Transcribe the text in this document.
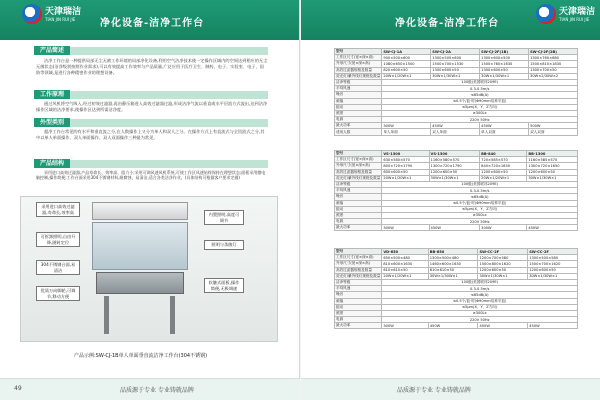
天津瑞洁
TIAN JIN RUI JIE	净化设备-洁净工作台	净化设备-洁净工作台
天津瑞洁
TIAN JIN RUI JIE
产品简述
洁净工作台是一种提供局部无尘无菌工作环境的局部净化设备,利用空气洁净技术使一定操作区域内的空间达到相应的无尘无菌状态(洁净级别按照作业需求),可以有效提高工作效率与产品质量,广泛应用于医疗卫生、制药、电子、实验室、电子、国防等领域,是进行各种精密作业的理想设备。
工作原理
通过风机将空气吸入,经过初效过滤器,再由静压箱进入高效过滤器过滤,形成洁净气流以垂直或水平层流方式流出,达到洁净操作区域的洁净要求,使操作区达到所需洁净度。
外型类别
超净工作台常见的有水平和垂直流之分,在人数操作上又分为单人和双人之分。在操作方式上有直流式与全回流式之分,其中以单人单面操作、双人单面操作、双人双面操作三种最为常见。
产品结构
采用进口高效过滤器,产品寿命长、效率高、阻力小;采用可调风速风机系统,可使工作区风速始终保持在理想状态;面板采用微电脑控制,操作简便;工作台面采用304不锈钢材料,耐腐蚀、易清洁,适合各类洁净作业。(具体结构可根据客户要求定做)
采用进口高效过滤器,寿命长,效率高
可拆卸照明,自由升降,随时定位
304不锈钢台面,易清洁
优质万向脚轮,可调节,移动方便
内置照明,高度可调节
照明与杀菌灯
软触式面板,操作简便,无极调速
产品示例:SW-CJ-1B单人单面垂直流洁净工作台(304不锈钢)
49	品质源于专业 专业铸就品牌	品质源于专业 专业铸就品牌
型号	SW-CJ-1A	SW-CJ-2A	SW-CJ-2F(1B)	SW-CJ-2F(2B)
工作区尺寸(宽×深×高)	900×500×600	1300×500×600	1300×600×500	1300×760×680
外形尺寸(宽×深×高)	1080×650×1500	1500×700×1530	1500×760×1630	1500×810×1830
高效过滤器规格及数量	820×600×50	1300×600×50	1300×600×50	1300×700×50
荧光灯/紫外线灯规格及数量	20W×1/20W×1	30W×1/30W×1	30W×1/30W×1	30W×2/30W×2
洁净等级	100级(美国联邦209E)			
平均风速	0.3-0.5m/s			
噪音	≤65dB(A)			
菌落	≤0.5个/皿·时(Φ90mm培养平皿)			
振动	≤5μm(X、Y、Z方向)			
照度	≥300Lx			
电源	220V 50Hz			
最大功率	300W	450W	450W	500W
适用人数	单人单面	双人单面	单人双面	双人双面
型号	VS-1300	VS-1300	BB-840	BB-1300
工作区尺寸(宽×深×高)	630×580×570	1160×580×570	720×585×570	1160×585×570
外形尺寸(宽×深×高)	800×720×1790	1300×720×1790	840×720×1650	1300×720×1650
高效过滤器规格及数量	600×600×50	1200×600×50	1200×600×50	1200×600×50
荧光灯/紫外线灯规格及数量	20W×1/20W×1	30W×1/30W×1	20W×1/20W×1	30W×1/30W×1
洁净等级	100级(美国联邦209E)			
平均风速	0.3-0.5m/s			
噪音	≤65dB(A)			
菌落	≤0.5个/皿·时(Φ90mm培养平皿)			
振动	≤5μm(X、Y、Z方向)			
照度	≥300Lx			
电源	220V 50Hz			
最大功率	300W	450W	300W	450W
型号	VD-650	BB-650	SW-CC-2F	SW-CC-2F
工作区尺寸(宽×深×高)	650×500×480	1300×500×480	1200×700×580	1300×500×580
外形尺寸(宽×深×高)	810×600×1630	1460×600×1630	1500×800×1620	1500×700×1620
高效过滤器规格及数量	610×610×50	610×610×50	1200×600×50	1200×600×50
荧光灯/紫外线灯规格及数量	20W×1/20W×1	30W×1/30W×1	30W×1/30W×1	30W×1/30W×1
洁净等级	100级(美国联邦209E)			
平均风速	0.3-0.5m/s			
噪音	≤65dB(A)			
菌落	≤0.5个/皿·时(Φ90mm培养平皿)			
振动	≤5μm(X、Y、Z方向)			
照度	≥300Lx			
电源	220V 50Hz			
最大功率	300W	450W	450W	450W
